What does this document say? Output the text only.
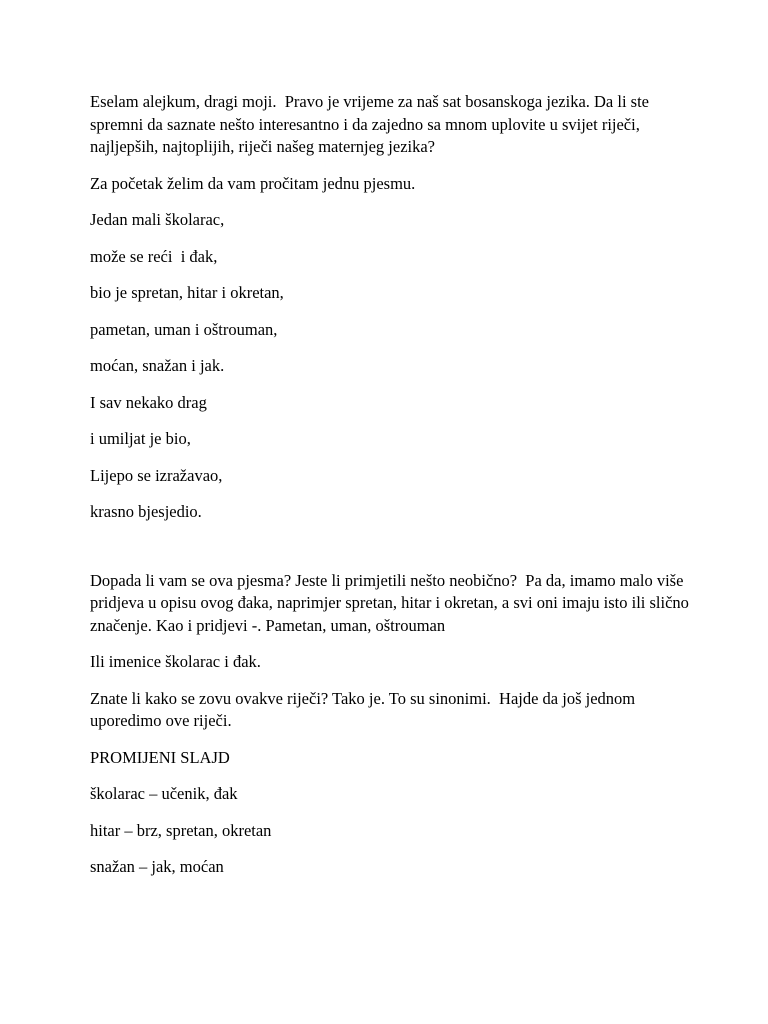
Eselam alejkum, dragi moji.  Pravo je vrijeme za naš sat bosanskoga jezika. Da li ste spremni da saznate nešto interesantno i da zajedno sa mnom uplovite u svijet riječi, najljepših, najtoplijih, riječi našeg maternjeg jezika?

Za početak želim da vam pročitam jednu pjesmu.

Jedan mali školarac,

može se reći  i đak,

bio je spretan, hitar i okretan,

pametan, uman i oštrouman,

moćan, snažan i jak.

I sav nekako drag

i umiljat je bio,

Lijepo se izražavao,

krasno bjesjedio.

Dopada li vam se ova pjesma? Jeste li primjetili nešto neobično?  Pa da, imamo malo više pridjeva u opisu ovog đaka, naprimjer spretan, hitar i okretan, a svi oni imaju isto ili slično značenje. Kao i pridjevi -. Pametan, uman, oštrouman

Ili imenice školarac i đak.

Znate li kako se zovu ovakve riječi? Tako je. To su sinonimi.  Hajde da još jednom uporedimo ove riječi.

PROMIJENI SLAJD

školarac – učenik, đak

hitar – brz, spretan, okretan

snažan – jak, moćan
